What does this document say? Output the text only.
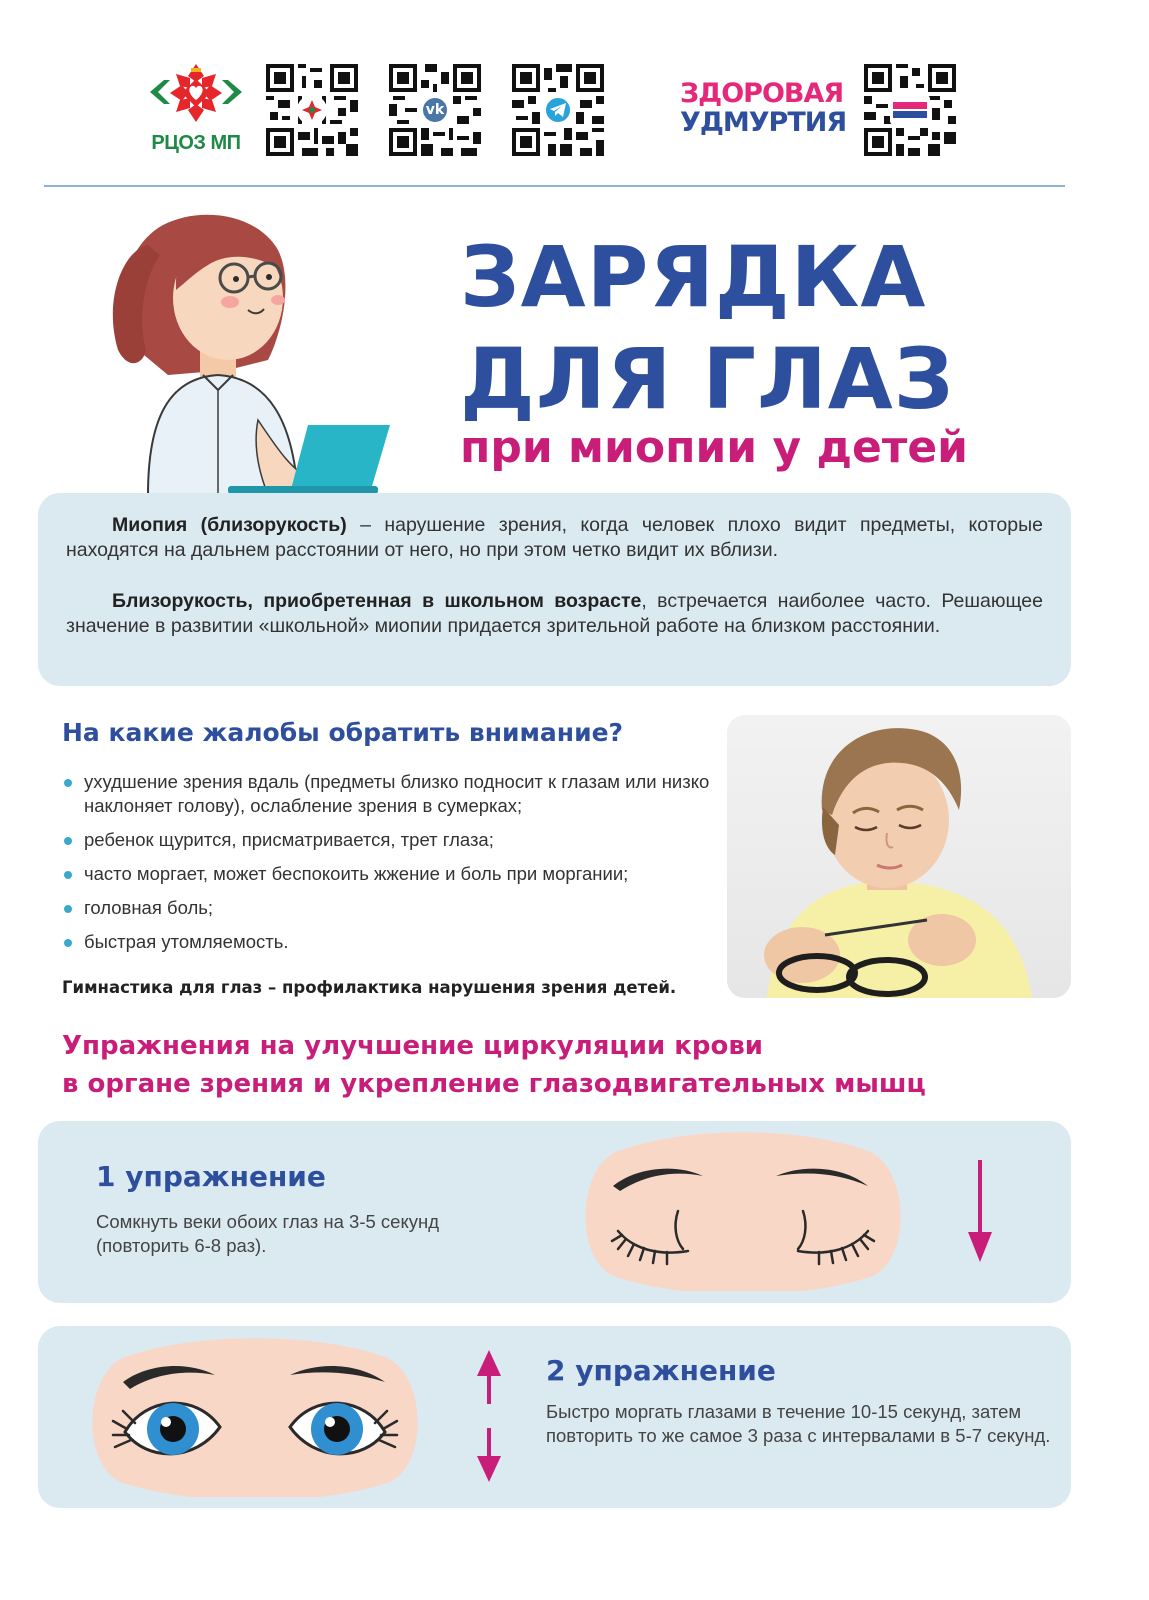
РЦОЗ МП
vk
ЗДОРОВАЯ
УДМУРТИЯ
ЗАРЯДКА
ДЛЯ ГЛАЗ
при миопии у детей

Миопия (близорукость) – нарушение зрения, когда человек плохо видит предметы, которые находятся на дальнем расстоянии от него, но при этом четко видит их вблизи.

Близорукость, приобретенная в школьном возрасте, встречается наиболее часто. Решающее значение в развитии «школьной» миопии придается зрительной работе на близком расстоянии.

На какие жалобы обратить внимание?
ухудшение зрения вдаль (предметы близко подносит к глазам или низко наклоняет голову), ослабление зрения в сумерках;
ребенок щурится, присматривается, трет глаза;
часто моргает, может беспокоить жжение и боль при моргании;
головная боль;
быстрая утомляемость.
Гимнастика для глаз – профилактика нарушения зрения детей.
Упражнения на улучшение циркуляции крови
в органе зрения и укрепление глазодвигательных мышц
1 упражнение
Сомкнуть веки обоих глаз на 3-5 секунд (повторить 6-8 раз).
2 упражнение
Быстро моргать глазами в течение 10-15 секунд, затем повторить то же самое 3 раза с интервалами в 5-7 секунд.
